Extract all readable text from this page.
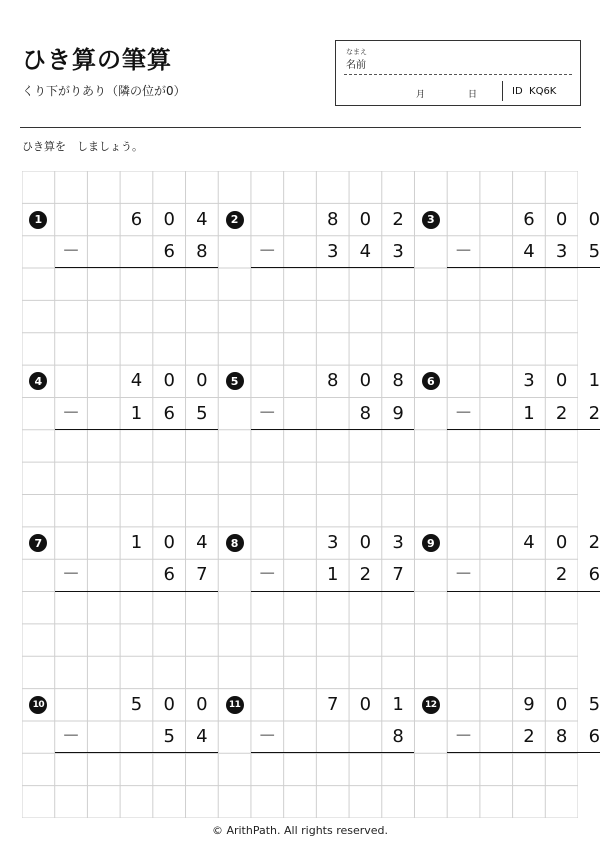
ひき算の筆算
くり下がりあり（隣の位が0）
なまえ
名前
月	日	ID KQ6K
ひき算を　しましょう。
1	6	0	4
6	8
－
2	8	0	2
3	4	3
－
3	6	0	0
4	3	5
－
4	4	0	0
1	6	5
－
5	8	0	8
8	9
－
6	3	0	1
1	2	2
－
7	1	0	4
6	7
－
8	3	0	3
1	2	7
－
9	4	0	2
2	6
－
10	5	0	0
5	4
－
11	7	0	1
8
－
12	9	0	5
2	8	6
－
© ArithPath. All rights reserved.
